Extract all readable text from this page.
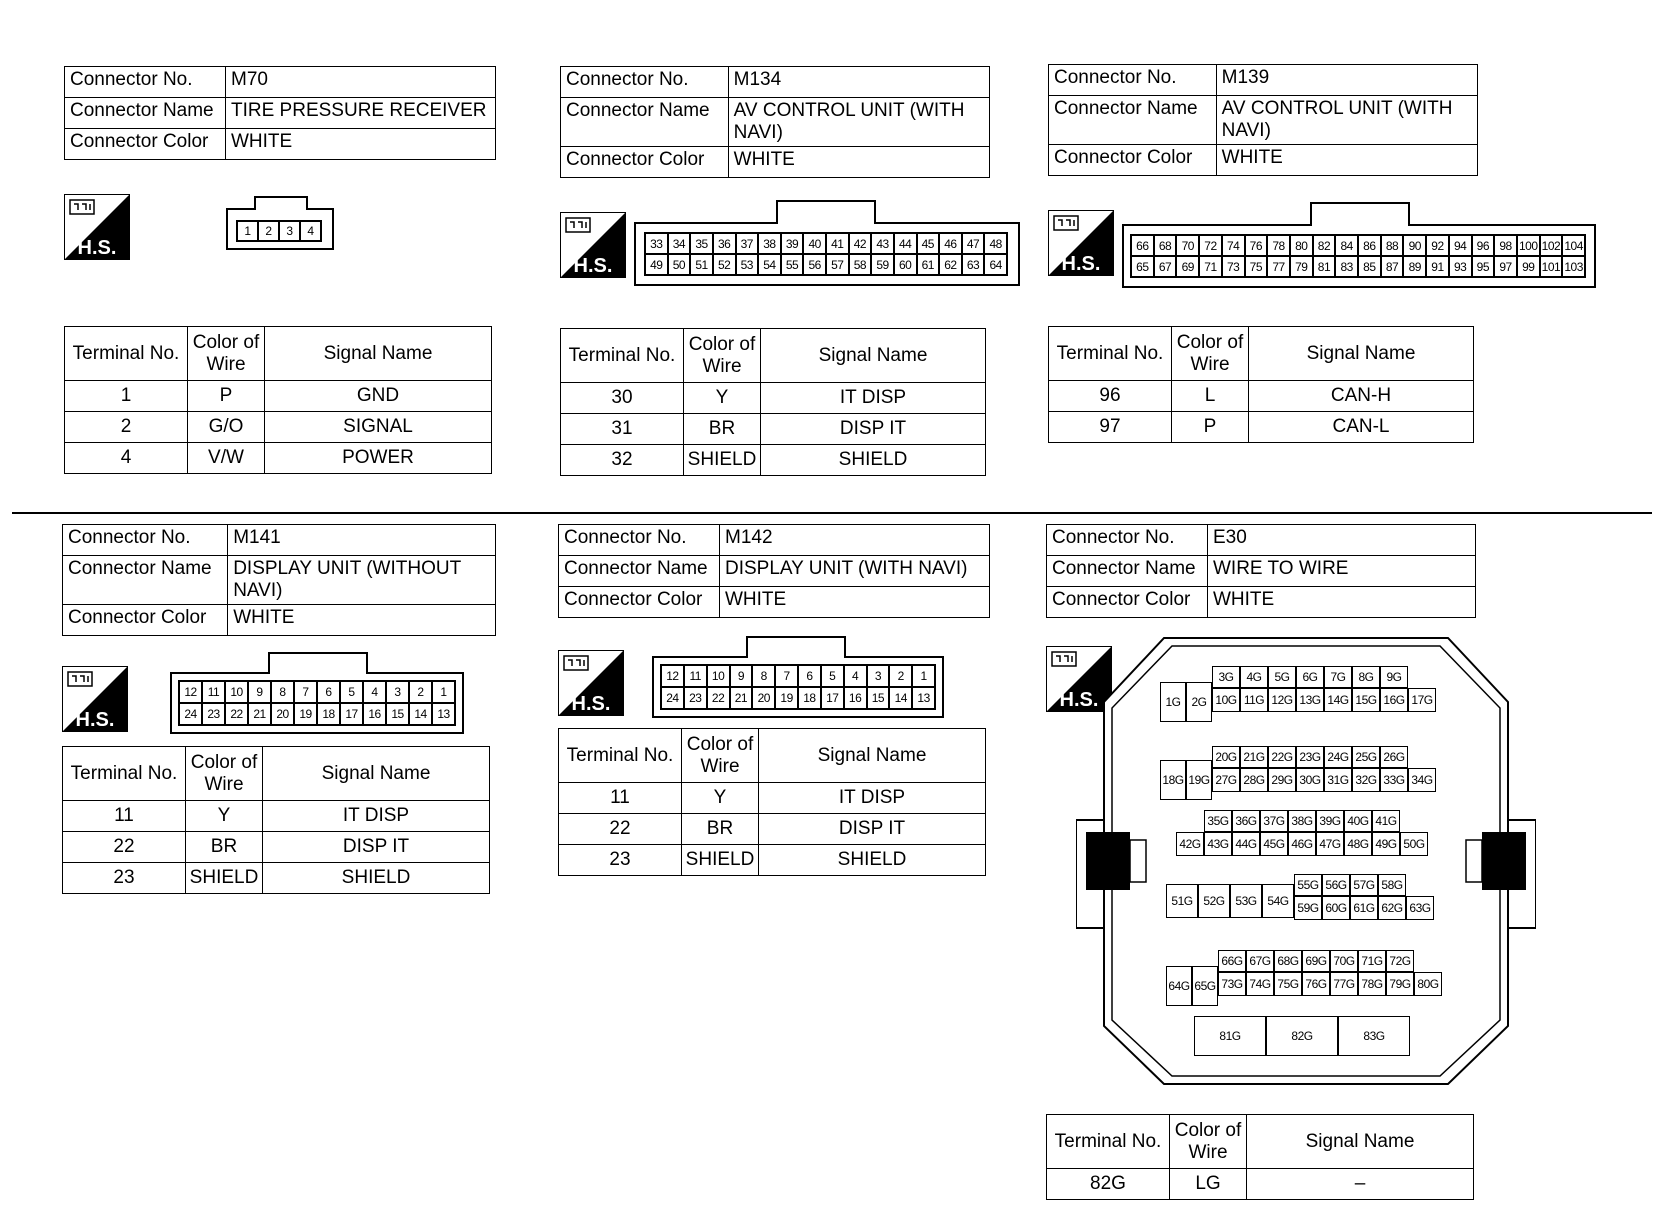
Connector No.	M70
Connector Name	TIRE PRESSURE RECEIVER
Connector Color	WHITE
H.S.
1	2	3	4
Terminal No.	Color of Wire	Signal Name
1	P	GND
2	G/O	SIGNAL
4	V/W	POWER
Connector No.	M134
Connector Name	AV CONTROL UNIT (WITH NAVI)
Connector Color	WHITE
H.S.
33 34 35 36 37 38 39 40 41 42 43 44 45 46 47 48
49 50 51 52 53 54 55 56 57 58 59 60 61 62 63 64
Terminal No.	Color of Wire	Signal Name
30	Y	IT DISP
31	BR	DISP IT
32	SHIELD	SHIELD
Connector No.	M139
Connector Name	AV CONTROL UNIT (WITH NAVI)
Connector Color	WHITE
H.S.
66 68 70 72 74 76 78 80 82 84 86 88 90 92 94 96 98 100 102 104
65 67 69 71 73 75 77 79 81 83 85 87 89 91 93 95 97 99 101 103
Terminal No.	Color of Wire	Signal Name
96	L	CAN-H
97	P	CAN-L
Connector No.	M141
Connector Name	DISPLAY UNIT (WITHOUT NAVI)
Connector Color	WHITE
H.S.
12 11 10	9	8	7	6	5	4	3	2	1
24 23 22 21 20 19 18 17 16 15 14 13
Terminal No.	Color of Wire	Signal Name
11	Y	IT DISP
22	BR	DISP IT
23	SHIELD	SHIELD
Connector No.	M142
Connector Name	DISPLAY UNIT (WITH NAVI)
Connector Color	WHITE
H.S.
12 11 10	9	8	7	6	5	4	3	2	1
24 23 22 21 20 19 18 17 16 15 14 13
Terminal No.	Color of Wire	Signal Name
11	Y	IT DISP
22	BR	DISP IT
23	SHIELD	SHIELD
Connector No.	E30
Connector Name	WIRE TO WIRE
Connector Color	WHITE
H.S.	1G 2G
3G	4G	5G	6G	7G	8G	9G
10G 11G 12G 13G 14G 15G 16G 17G
18G 19G
20G 21G 22G 23G 24G 25G 26G
27G 28G 29G 30G 31G 32G 33G 34G
35G 36G 37G 38G 39G 40G 41G
42G 43G 44G 45G 46G 47G 48G 49G 50G
51G 52G 53G 54G
55G 56G 57G 58G
59G 60G 61G 62G 63G
64G 65G
66G 67G 68G 69G 70G 71G 72G
73G 74G 75G 76G 77G 78G 79G 80G
81G	82G	83G
Terminal No.	Color of Wire	Signal Name
82G	LG	–
